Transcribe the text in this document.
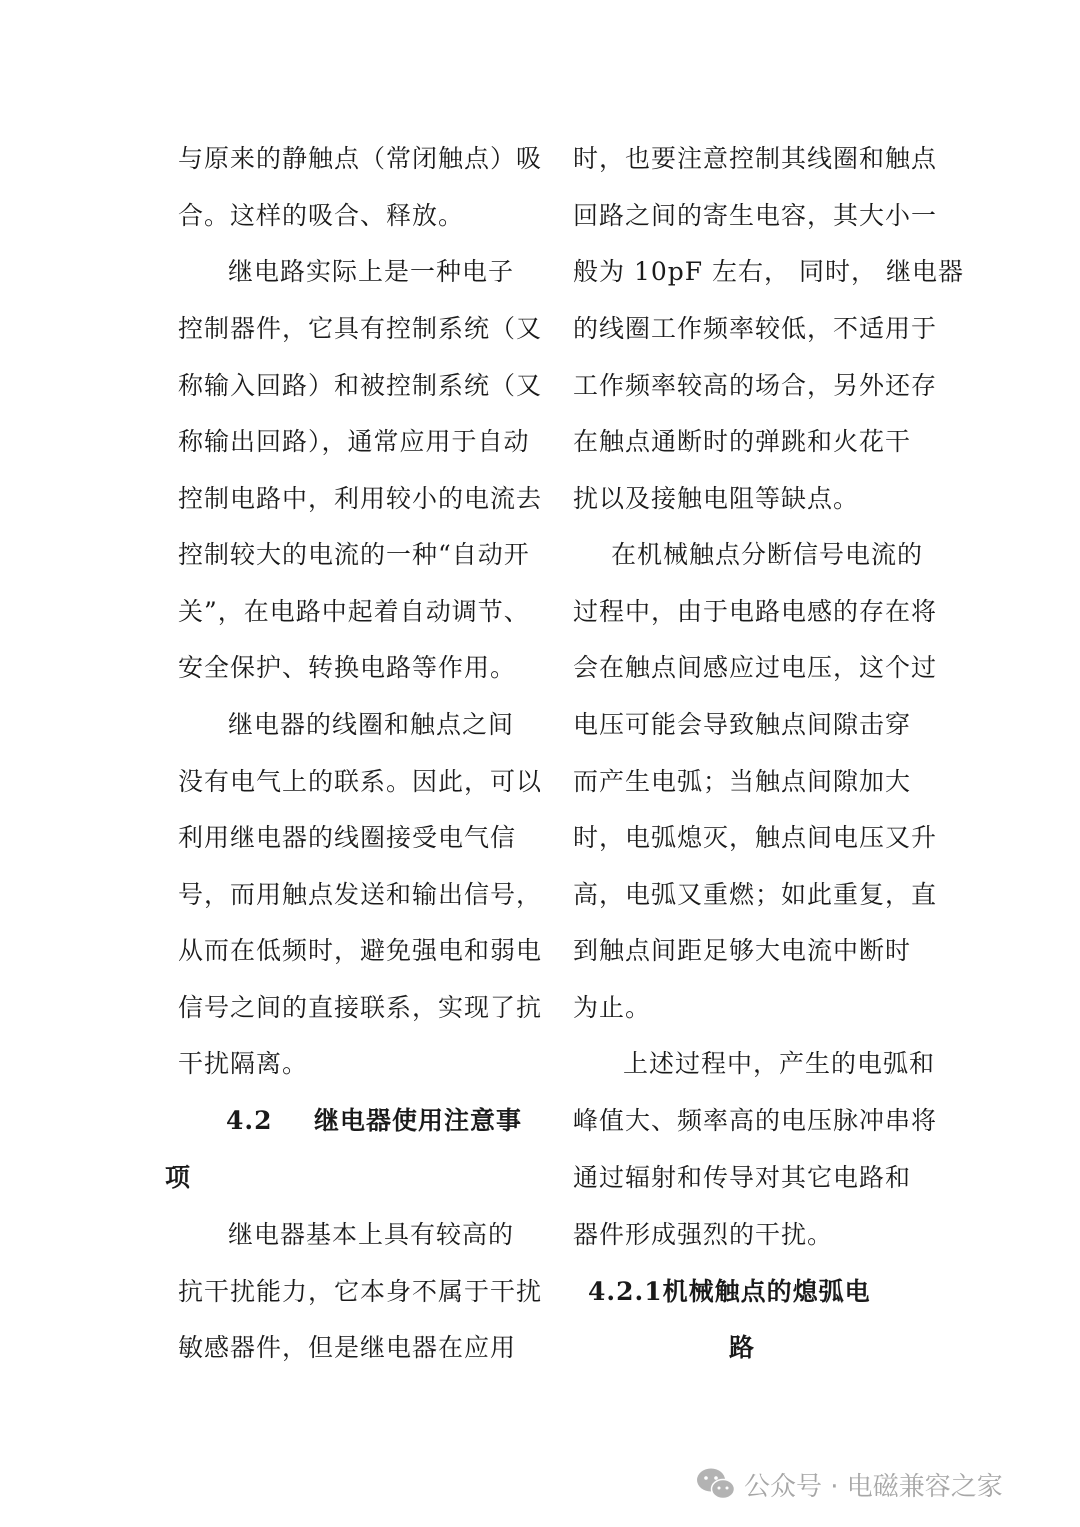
与原来的静触点（常闭触点）吸
合。这样的吸合、释放。
继电路实际上是一种电子
控制器件，它具有控制系统（又
称输入回路）和被控制系统（又
称输出回路），通常应用于自动
控制电路中，利用较小的电流去
控制较大的电流的一种“自动开
关”，在电路中起着自动调节、
安全保护、转换电路等作用。
继电器的线圈和触点之间
没有电气上的联系。因此，可以
利用继电器的线圈接受电气信
号，而用触点发送和输出信号，
从而在低频时，避免强电和弱电
信号之间的直接联系，实现了抗
干扰隔离。
4.2 继电器使用注意事
项
继电器基本上具有较高的
抗干扰能力，它本身不属于干扰
敏感器件，但是继电器在应用
时，也要注意控制其线圈和触点
回路之间的寄生电容，其大小一
般为 10pF 左右， 同时， 继电器
的线圈工作频率较低，不适用于
工作频率较高的场合，另外还存
在触点通断时的弹跳和火花干
扰以及接触电阻等缺点。
在机械触点分断信号电流的
过程中，由于电路电感的存在将
会在触点间感应过电压，这个过
电压可能会导致触点间隙击穿
而产生电弧；当触点间隙加大
时，电弧熄灭，触点间电压又升
高，电弧又重燃；如此重复，直
到触点间距足够大电流中断时
为止。
上述过程中，产生的电弧和
峰值大、频率高的电压脉冲串将
通过辐射和传导对其它电路和
器件形成强烈的干扰。
4.2.1机械触点的熄弧电
路
公众号 · 电磁兼容之家
